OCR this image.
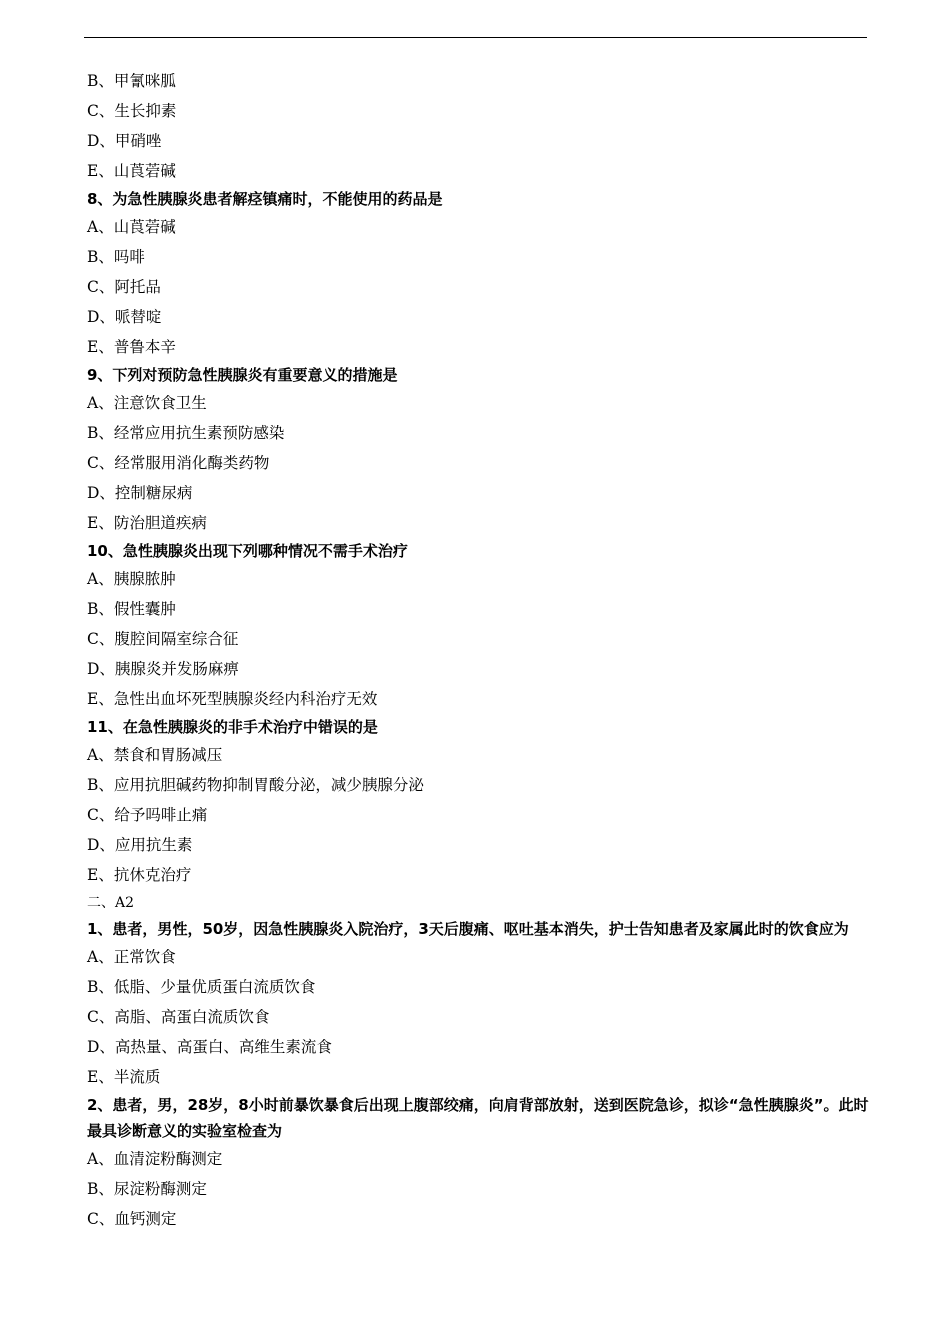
B、甲氰咪胍
C、生长抑素
D、甲硝唑
E、山莨菪碱
8、为急性胰腺炎患者解痉镇痛时，不能使用的药品是
A、山莨菪碱
B、吗啡
C、阿托品
D、哌替啶
E、普鲁本辛
9、下列对预防急性胰腺炎有重要意义的措施是
A、注意饮食卫生
B、经常应用抗生素预防感染
C、经常服用消化酶类药物
D、控制糖尿病
E、防治胆道疾病
10、急性胰腺炎出现下列哪种情况不需手术治疗
A、胰腺脓肿
B、假性囊肿
C、腹腔间隔室综合征
D、胰腺炎并发肠麻痹
E、急性出血坏死型胰腺炎经内科治疗无效
11、在急性胰腺炎的非手术治疗中错误的是
A、禁食和胃肠减压
B、应用抗胆碱药物抑制胃酸分泌，减少胰腺分泌
C、给予吗啡止痛
D、应用抗生素
E、抗休克治疗
二、A2
1、患者，男性，50岁，因急性胰腺炎入院治疗，3天后腹痛、呕吐基本消失，护士告知患者及家属此时的饮食应为
A、正常饮食
B、低脂、少量优质蛋白流质饮食
C、高脂、高蛋白流质饮食
D、高热量、高蛋白、高维生素流食
E、半流质
2、患者，男，28岁，8小时前暴饮暴食后出现上腹部绞痛，向肩背部放射，送到医院急诊，拟诊“急性胰腺炎”。此时最具诊断意义的实验室检查为
A、血清淀粉酶测定
B、尿淀粉酶测定
C、血钙测定
